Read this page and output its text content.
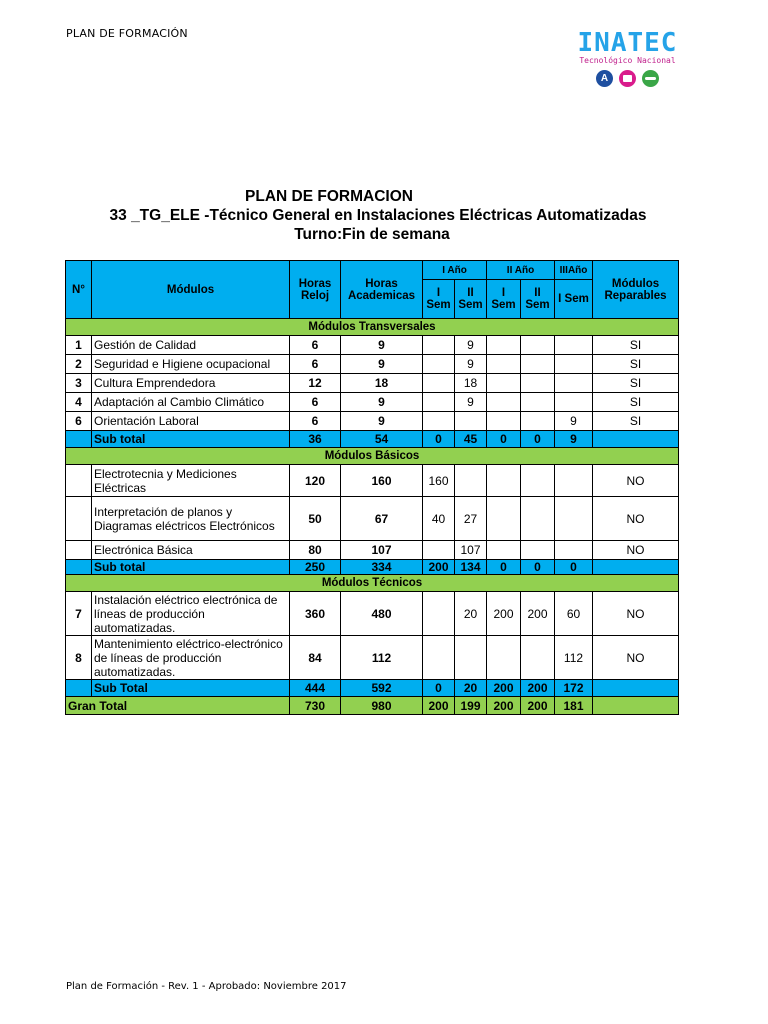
PLAN DE FORMACIÓN	INATEC
Tecnológico Nacional
A
PLAN DE FORMACION
33 _TG_ELE -Técnico General en Instalaciones Eléctricas Automatizadas
Turno:Fin de semana
N°	Módulos	Horas Reloj	Horas Academicas	I Año		II Año		IIIAño	Módulos Reparables
				I Sem	II Sem	I Sem	II Sem	I Sem	
Módulos Transversales									
1	Gestión de Calidad	6	9		9				SI
2	Seguridad e Higiene ocupacional	6	9		9				SI
3	Cultura Emprendedora	12	18		18				SI
4	Adaptación al Cambio Climático	6	9		9				SI
6	Orientación Laboral	6	9					9	SI
	Sub total	36	54	0	45	0	0	9	
Módulos Básicos									
	Electrotecnia y Mediciones Eléctricas	120	160	160					NO
	Interpretación de planos y Diagramas eléctricos Electrónicos	50	67	40	27				NO
	Electrónica Básica	80	107		107				NO
	Sub total	250	334	200	134	0	0	0	
Módulos Técnicos									
7	Instalación eléctrico electrónica de líneas de producción automatizadas.	360	480		20	200	200	60	NO
8	Mantenimiento eléctrico-electrónico de líneas de producción automatizadas.	84	112					112	NO
	Sub Total	444	592	0	20	200	200	172	
Gran Total		730	980	200	199	200	200	181	
Plan de Formación - Rev. 1 - Aprobado: Noviembre 2017
